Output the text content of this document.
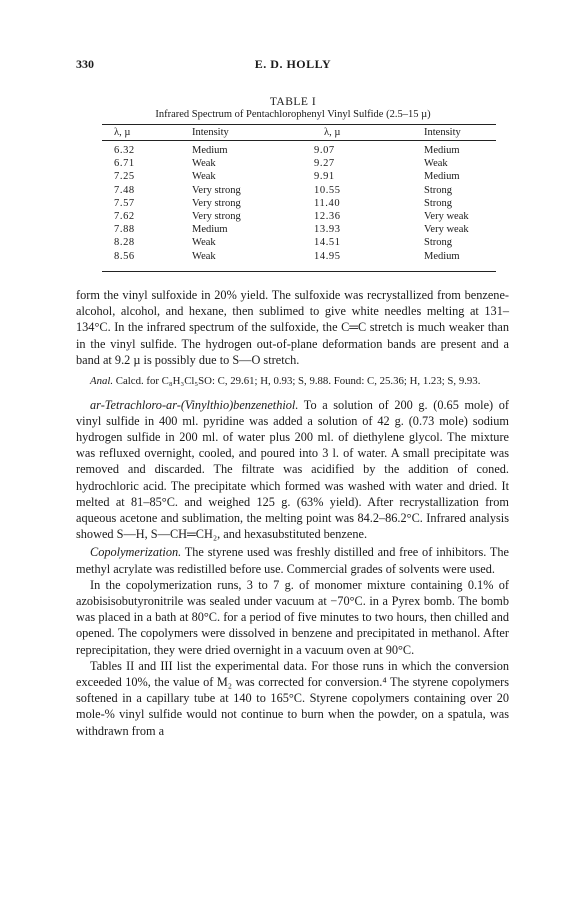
330	E. D. HOLLY
TABLE I
Infrared Spectrum of Pentachlorophenyl Vinyl Sulfide (2.5–15 µ)
λ, µ	Intensity	λ, µ	Intensity
6.32	Medium	9.07	Medium
6.71	Weak	9.27	Weak
7.25	Weak	9.91	Medium
7.48	Very strong	10.55	Strong
7.57	Very strong	11.40	Strong
7.62	Very strong	12.36	Very weak
7.88	Medium	13.93	Very weak
8.28	Weak	14.51	Strong
8.56	Weak	14.95	Medium

form the vinyl sulfoxide in 20% yield. The sulfoxide was recrystallized from benzene-alcohol, alcohol, and hexane, then sublimed to give white needles melting at 131–134°C. In the infrared spectrum of the sulfoxide, the C═C stretch is much weaker than in the vinyl sulfide. The hydrogen out-of-plane deformation bands are present and a band at 9.2 µ is possibly due to S—O stretch.

Anal. Calcd. for C₈H₃Cl₅SO: C, 29.61; H, 0.93; S, 9.88. Found: C, 25.36; H, 1.23; S, 9.93.

ar-Tetrachloro-ar-(Vinylthio)benzenethiol. To a solution of 200 g. (0.65 mole) of vinyl sulfide in 400 ml. pyridine was added a solution of 42 g. (0.73 mole) sodium hydrogen sulfide in 200 ml. of water plus 200 ml. of diethylene glycol. The mixture was refluxed overnight, cooled, and poured into 3 l. of water. A small precipitate was removed and discarded. The filtrate was acidified by the addition of coned. hydrochloric acid. The precipitate which formed was washed with water and dried. It melted at 81–85°C. and weighed 125 g. (63% yield). After recrystallization from aqueous acetone and sublimation, the melting point was 84.2–86.2°C. Infrared analysis showed S—H, S—CH═CH₂, and hexasubstituted benzene.

Copolymerization. The styrene used was freshly distilled and free of inhibitors. The methyl acrylate was redistilled before use. Commercial grades of solvents were used.

In the copolymerization runs, 3 to 7 g. of monomer mixture containing 0.1% of azobisisobutyronitrile was sealed under vacuum at −70°C. in a Pyrex bomb. The bomb was placed in a bath at 80°C. for a period of five minutes to two hours, then chilled and opened. The copolymers were dissolved in benzene and precipitated in methanol. After reprecipitation, they were dried overnight in a vacuum oven at 90°C.

Tables II and III list the experimental data. For those runs in which the conversion exceeded 10%, the value of M₂ was corrected for conversion.⁴ The styrene copolymers softened in a capillary tube at 140 to 165°C. Styrene copolymers containing over 20 mole-% vinyl sulfide would not continue to burn when the powder, on a spatula, was withdrawn from a
